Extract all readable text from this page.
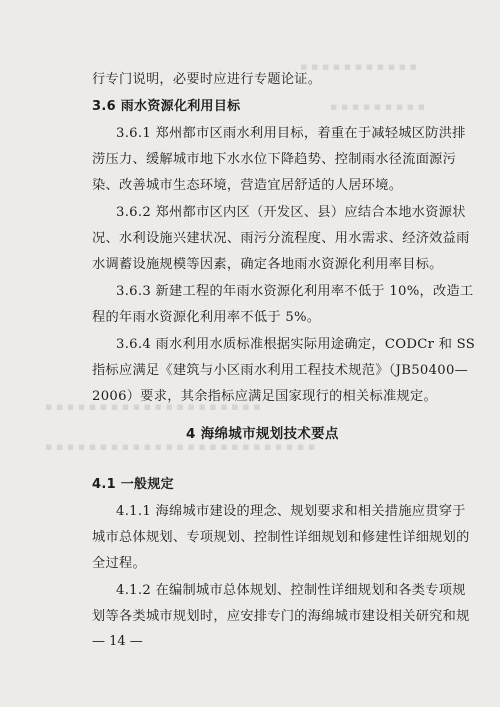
▪ ▪ ▪ ▪ ▪ ▪ ▪ ▪ ▪ ▪ ▪
▪ ▪ ▪ ▪ ▪ ▪ ▪ ▪ ▪
▪ ▪ ▪ ▪ ▪ ▪ ▪ ▪ ▪ ▪ ▪ ▪ ▪ ▪ ▪ ▪ ▪ ▪ ▪ ▪
▪ ▪ ▪ ▪ ▪ ▪ ▪ ▪ ▪ ▪ ▪ ▪ ▪ ▪ ▪ ▪ ▪ ▪ ▪ ▪ ▪ ▪ ▪ ▪ ▪
行专门说明，必要时应进行专题论证。
3.6 雨水资源化利用目标
3.6.1 郑州都市区雨水利用目标，着重在于减轻城区防洪排
涝压力、缓解城市地下水水位下降趋势、控制雨水径流面源污
染、改善城市生态环境，营造宜居舒适的人居环境。
3.6.2 郑州都市区内区（开发区、县）应结合本地水资源状
况、水利设施兴建状况、雨污分流程度、用水需求、经济效益雨
水调蓄设施规模等因素，确定各地雨水资源化利用率目标。
3.6.3 新建工程的年雨水资源化利用率不低于 10%，改造工
程的年雨水资源化利用率不低于 5%。
3.6.4 雨水利用水质标准根据实际用途确定，CODCr 和 SS
指标应满足《建筑与小区雨水利用工程技术规范》（JB50400—
2006）要求，其余指标应满足国家现行的相关标准规定。
4 海绵城市规划技术要点
4.1 一般规定
4.1.1 海绵城市建设的理念、规划要求和相关措施应贯穿于
城市总体规划、专项规划、控制性详细规划和修建性详细规划的
全过程。
4.1.2 在编制城市总体规划、控制性详细规划和各类专项规
划等各类城市规划时，应安排专门的海绵城市建设相关研究和规
— 14 —
